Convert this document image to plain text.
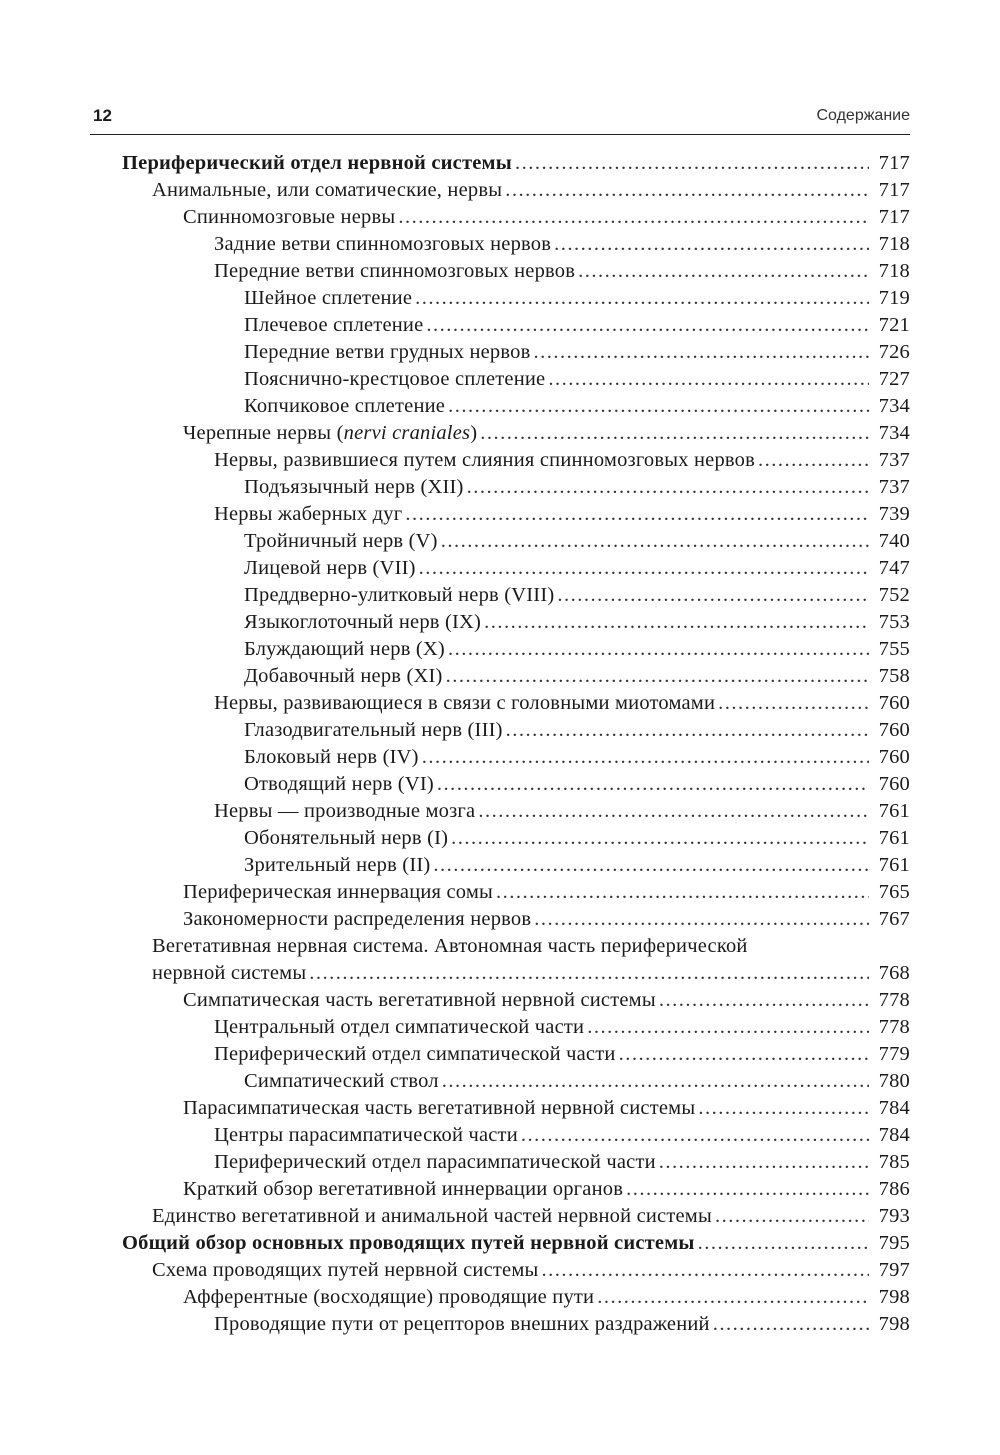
12	Содержание
Периферический отдел нервной системы .....	717
Анимальные, или соматические, нервы .....	717
Спинномозговые нервы .....	717
Задние ветви спинномозговых нервов .....	718
Передние ветви спинномозговых нервов .....	718
Шейное сплетение .....	719
Плечевое сплетение .....	721
Передние ветви грудных нервов .....	726
Пояснично-крестцовое сплетение .....	727
Копчиковое сплетение .....	734
Черепные нервы (nervi craniales) .....	734
Нервы, развившиеся путем слияния спинномозговых нервов .....	737
Подъязычный нерв (XII) .....	737
Нервы жаберных дуг .....	739
Тройничный нерв (V) .....	740
Лицевой нерв (VII) .....	747
Преддверно-улитковый нерв (VIII) .....	752
Языкоглоточный нерв (IX) .....	753
Блуждающий нерв (X) .....	755
Добавочный нерв (XI) .....	758
Нервы, развивающиеся в связи с головными миотомами .....	760
Глазодвигательный нерв (III) .....	760
Блоковый нерв (IV) .....	760
Отводящий нерв (VI) .....	760
Нервы — производные мозга .....	761
Обонятельный нерв (I) .....	761
Зрительный нерв (II) .....	761
Периферическая иннервация сомы .....	765
Закономерности распределения нервов .....	767
Вегетативная нервная система. Автономная часть периферической
нервной системы .....	768
Симпатическая часть вегетативной нервной системы .....	778
Центральный отдел симпатической части .....	778
Периферический отдел симпатической части .....	779
Симпатический ствол .....	780
Парасимпатическая часть вегетативной нервной системы .....	784
Центры парасимпатической части .....	784
Периферический отдел парасимпатической части .....	785
Краткий обзор вегетативной иннервации органов .....	786
Единство вегетативной и анимальной частей нервной системы .....	793
Общий обзор основных проводящих путей нервной системы .....	795
Схема проводящих путей нервной системы .....	797
Афферентные (восходящие) проводящие пути .....	798
Проводящие пути от рецепторов внешних раздражений .....	798
